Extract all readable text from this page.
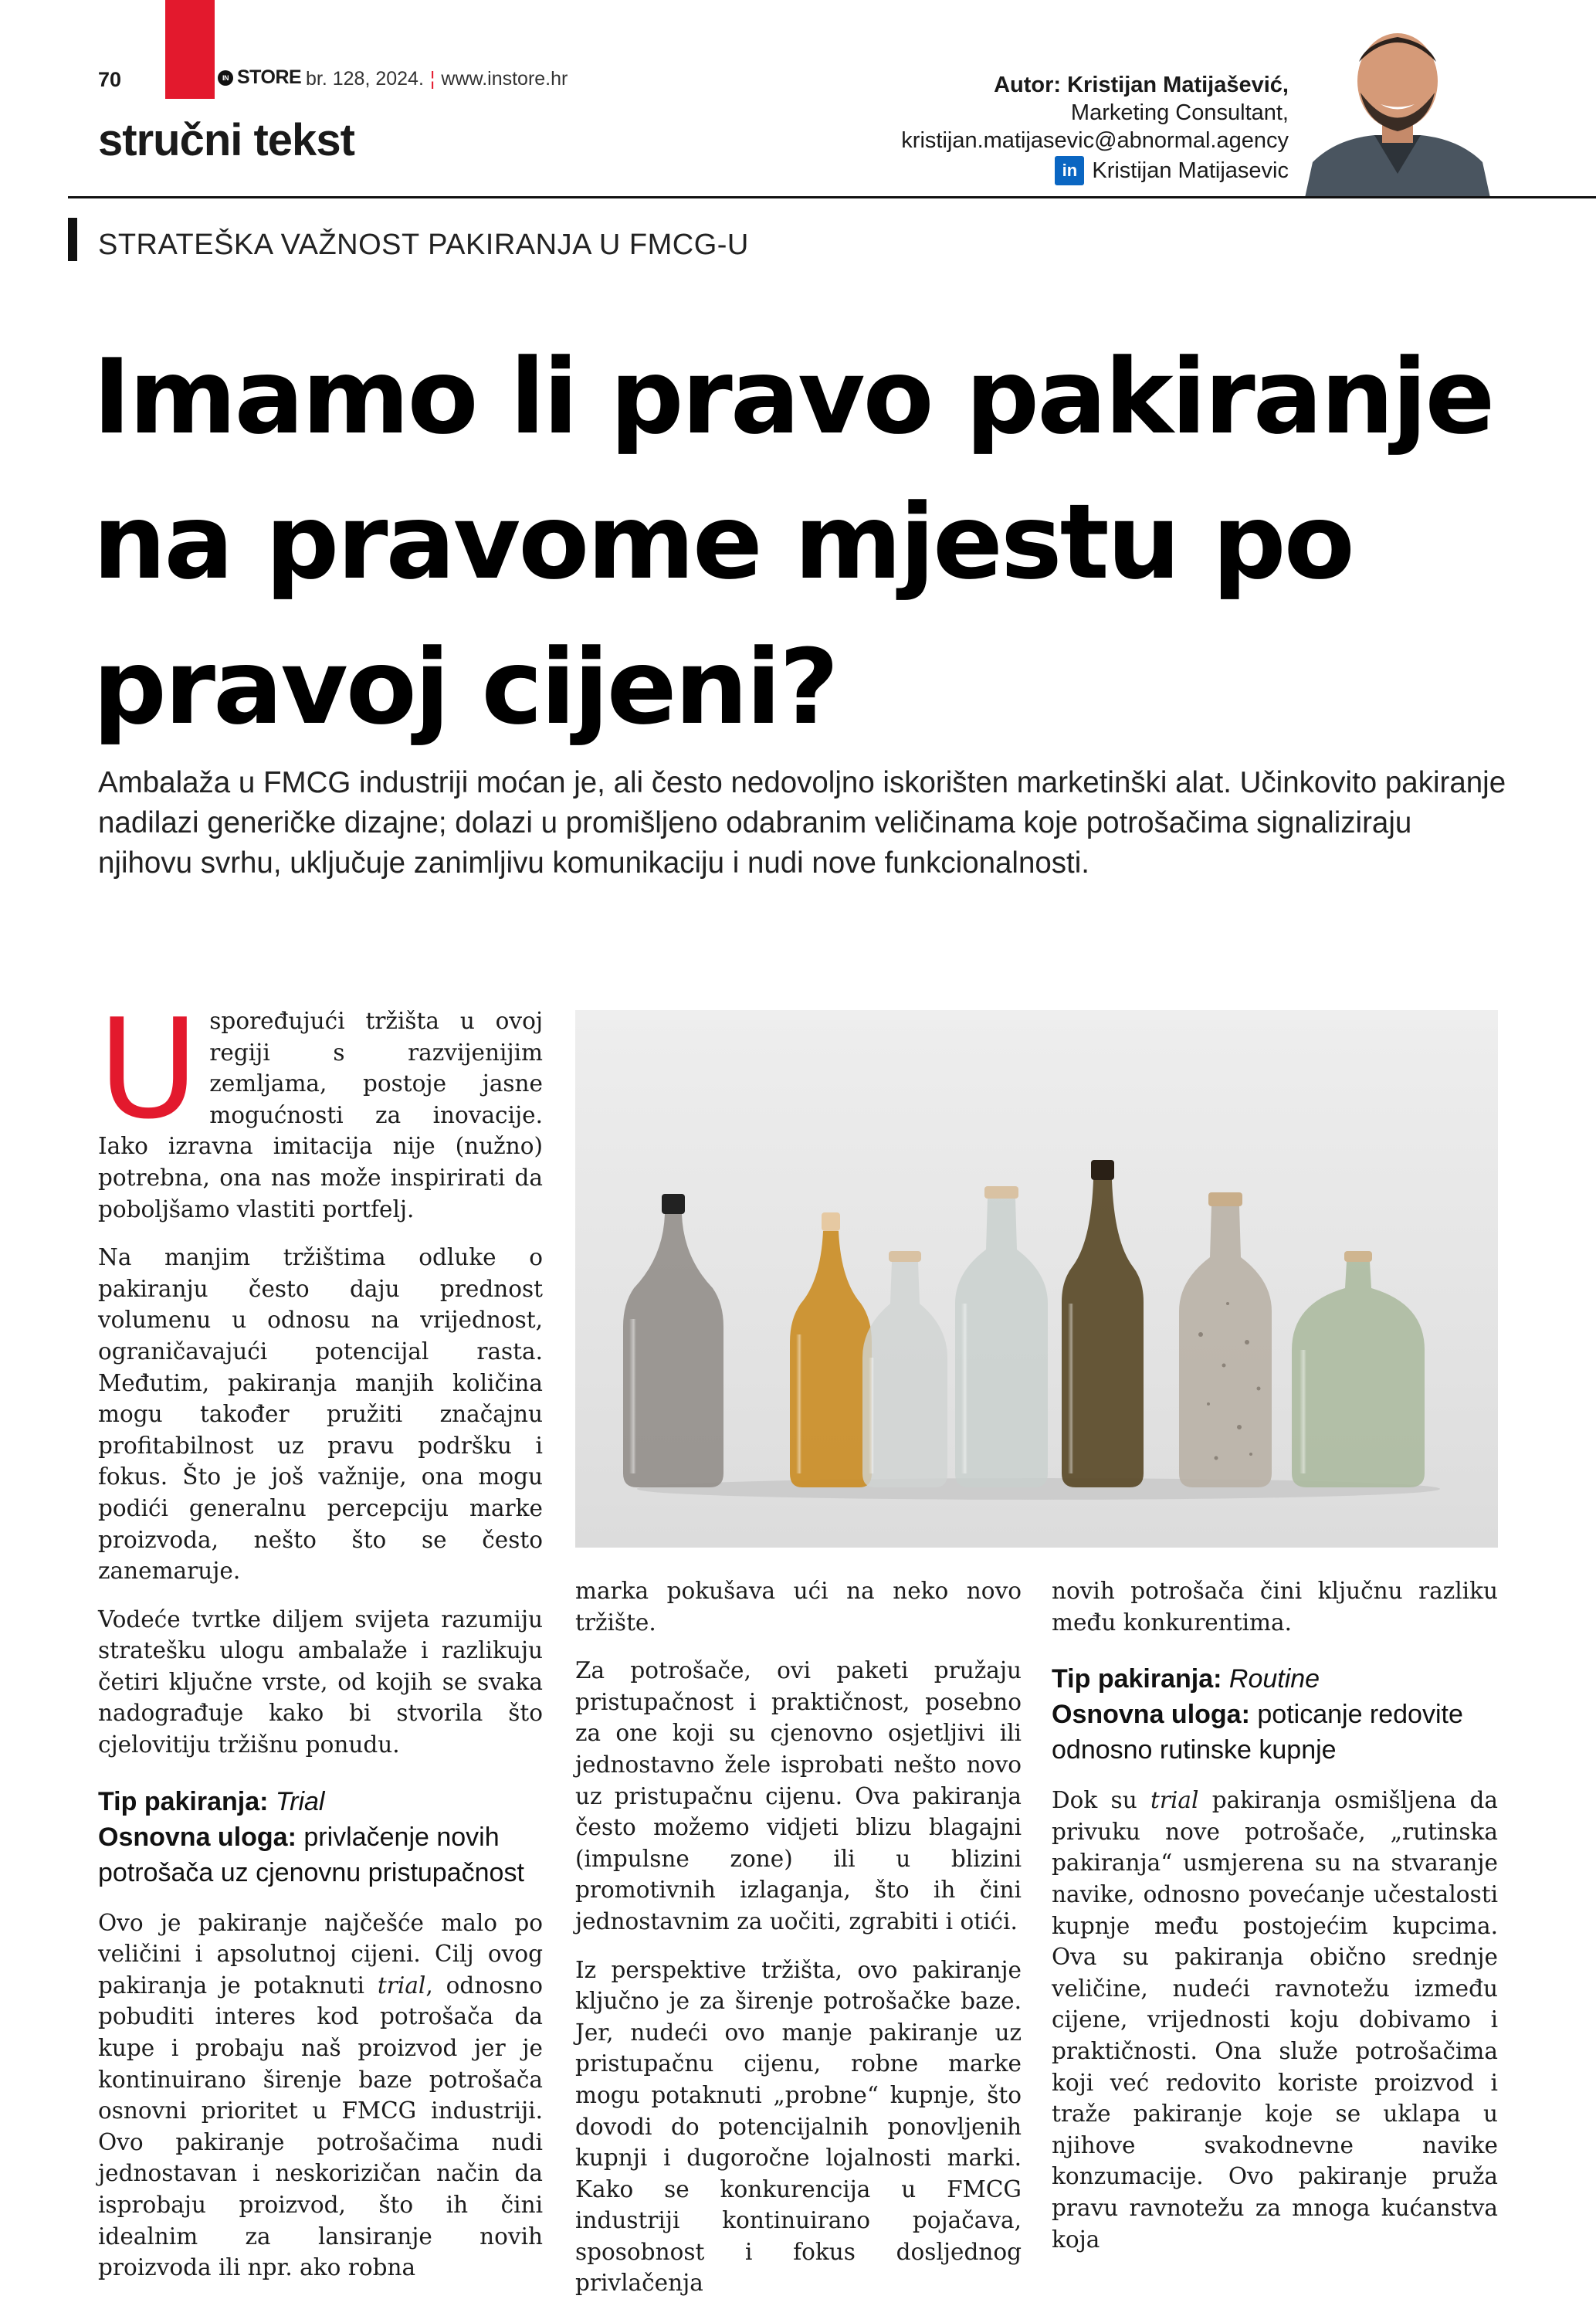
70	IN STORE br. 128, 2024. ¦ www.instore.hr
stručni tekst
Autor: Kristijan Matijašević,
Marketing Consultant,
kristijan.matijasevic@abnormal.agency
in Kristijan Matijasevic
STRATEŠKA VAŽNOST PAKIRANJA U FMCG-U
Imamo li pravo pakiranje
na pravome mjestu po
pravoj cijeni?
Ambalaža u FMCG industriji moćan je, ali često nedovoljno iskorišten marketinški alat. Učinkovito pakiranje nadilazi generičke dizajne; dolazi u promišljeno odabranim veličinama koje potrošačima signaliziraju njihovu svrhu, uključuje zanimljivu komunikaciju i nudi nove funkcionalnosti.

Uspoređujući tržišta u ovoj regiji s razvijenijim zemljama, postoje jasne mogućnosti za inovacije. Iako izravna imitacija nije (nužno) potrebna, ona nas može inspirirati da poboljšamo vlastiti portfelj.

Na manjim tržištima odluke o pakiranju često daju prednost volumenu u odnosu na vrijednost, ograničavajući potencijal rasta. Međutim, pakiranja manjih količina mogu također pružiti značajnu profitabilnost uz pravu podršku i fokus. Što je još važnije, ona mogu podići generalnu percepciju marke proizvoda, nešto što se često zanemaruje.

Vodeće tvrtke diljem svijeta razumiju stratešku ulogu ambalaže i razlikuju četiri ključne vrste, od kojih se svaka nadograđuje kako bi stvorila što cjelovitiju tržišnu ponudu.

Tip pakiranja: Trial
Osnovna uloga: privlačenje novih potrošača uz cjenovnu pristupačnost

Ovo je pakiranje najčešće malo po veličini i apsolutnoj cijeni. Cilj ovog pakiranja je potaknuti trial, odnosno pobuditi interes kod potrošača da kupe i probaju naš proizvod jer je kontinuirano širenje baze potrošača osnovni prioritet u FMCG industriji. Ovo pakiranje potrošačima nudi jednostavan i neskorizičan način da isprobaju proizvod, što ih čini idealnim za lansiranje novih proizvoda ili npr. ako robna

marka pokušava ući na neko novo tržište.

Za potrošače, ovi paketi pružaju pristupačnost i praktičnost, posebno za one koji su cjenovno osjetljivi ili jednostavno žele isprobati nešto novo uz pristupačnu cijenu. Ova pakiranja često možemo vidjeti blizu blagajni (impulsne zone) ili u blizini promotivnih izlaganja, što ih čini jednostavnim za uočiti, zgrabiti i otići.

Iz perspektive tržišta, ovo pakiranje ključno je za širenje potrošačke baze. Jer, nudeći ovo manje pakiranje uz pristupačnu cijenu, robne marke mogu potaknuti „probne“ kupnje, što dovodi do potencijalnih ponovljenih kupnji i dugoročne lojalnosti marki. Kako se konkurencija u FMCG industriji kontinuirano pojačava, sposobnost i fokus dosljednog privlačenja

novih potrošača čini ključnu razliku među konkurentima.

Tip pakiranja: Routine
Osnovna uloga: poticanje redovite odnosno rutinske kupnje

Dok su trial pakiranja osmišljena da privuku nove potrošače, „rutinska pakiranja“ usmjerena su na stvaranje navike, odnosno povećanje učestalosti kupnje među postojećim kupcima. Ova su pakiranja obično srednje veličine, nudeći ravnotežu između cijene, vrijednosti koju dobivamo i praktičnosti. Ona služe potrošačima koji već redovito koriste proizvod i traže pakiranje koje se uklapa u njihove svakodnevne navike konzumacije. Ovo pakiranje pruža pravu ravnotežu za mnoga kućanstva koja
